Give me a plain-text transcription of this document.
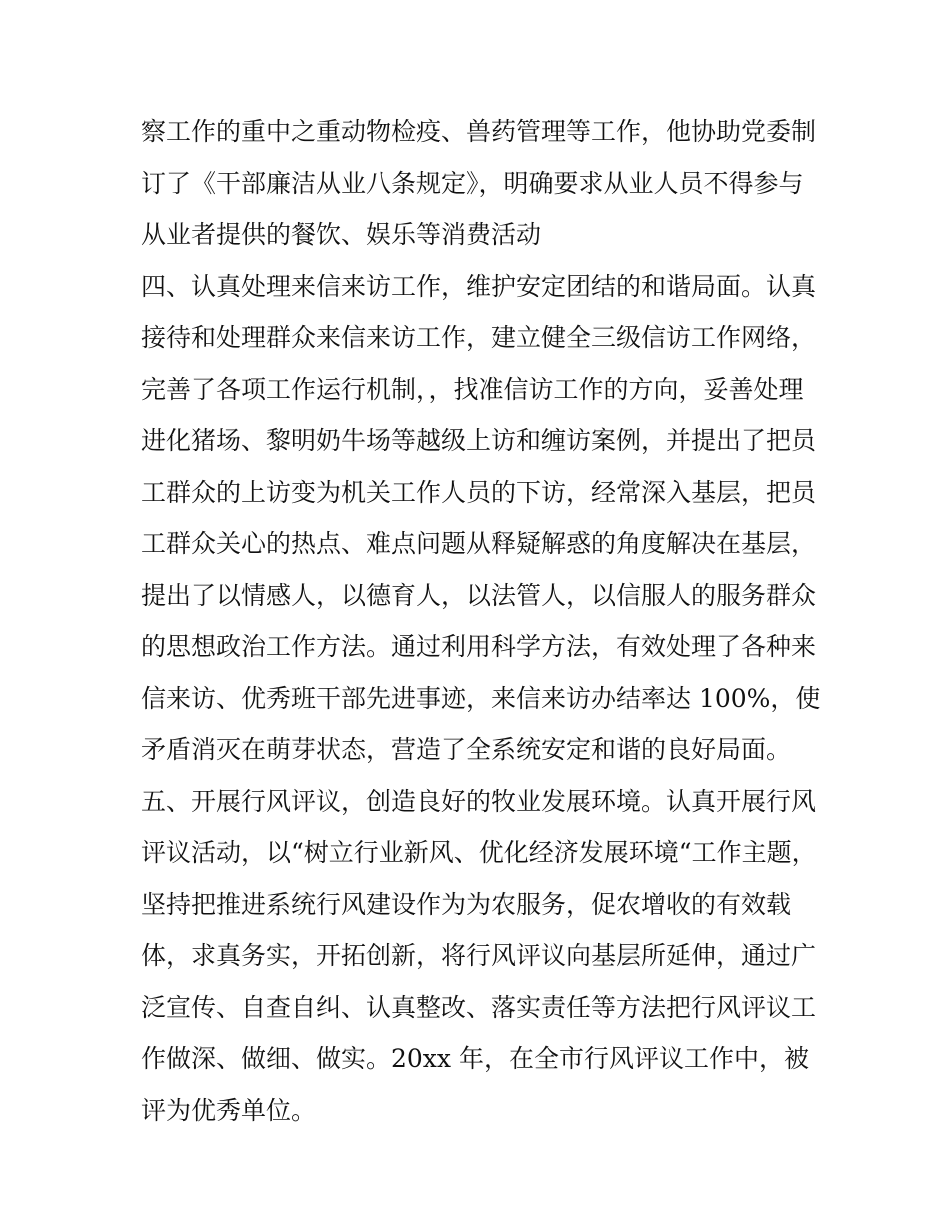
察工作的重中之重动物检疫、兽药管理等工作，他协助党委制
订了《干部廉洁从业八条规定》，明确要求从业人员不得参与
从业者提供的餐饮、娱乐等消费活动
四、认真处理来信来访工作，维护安定团结的和谐局面。认真
接待和处理群众来信来访工作，建立健全三级信访工作网络，
完善了各项工作运行机制，，找准信访工作的方向，妥善处理
进化猪场、黎明奶牛场等越级上访和缠访案例，并提出了把员
工群众的上访变为机关工作人员的下访，经常深入基层，把员
工群众关心的热点、难点问题从释疑解惑的角度解决在基层，
提出了以情感人，以德育人，以法管人，以信服人的服务群众
的思想政治工作方法。通过利用科学方法，有效处理了各种来
信来访、优秀班干部先进事迹，来信来访办结率达 100%，使
矛盾消灭在萌芽状态，营造了全系统安定和谐的良好局面。
五、开展行风评议，创造良好的牧业发展环境。认真开展行风
评议活动，以“树立行业新风、优化经济发展环境“工作主题，
坚持把推进系统行风建设作为为农服务，促农增收的有效载
体，求真务实，开拓创新，将行风评议向基层所延伸，通过广
泛宣传、自查自纠、认真整改、落实责任等方法把行风评议工
作做深、做细、做实。20xx 年，在全市行风评议工作中，被
评为优秀单位。
